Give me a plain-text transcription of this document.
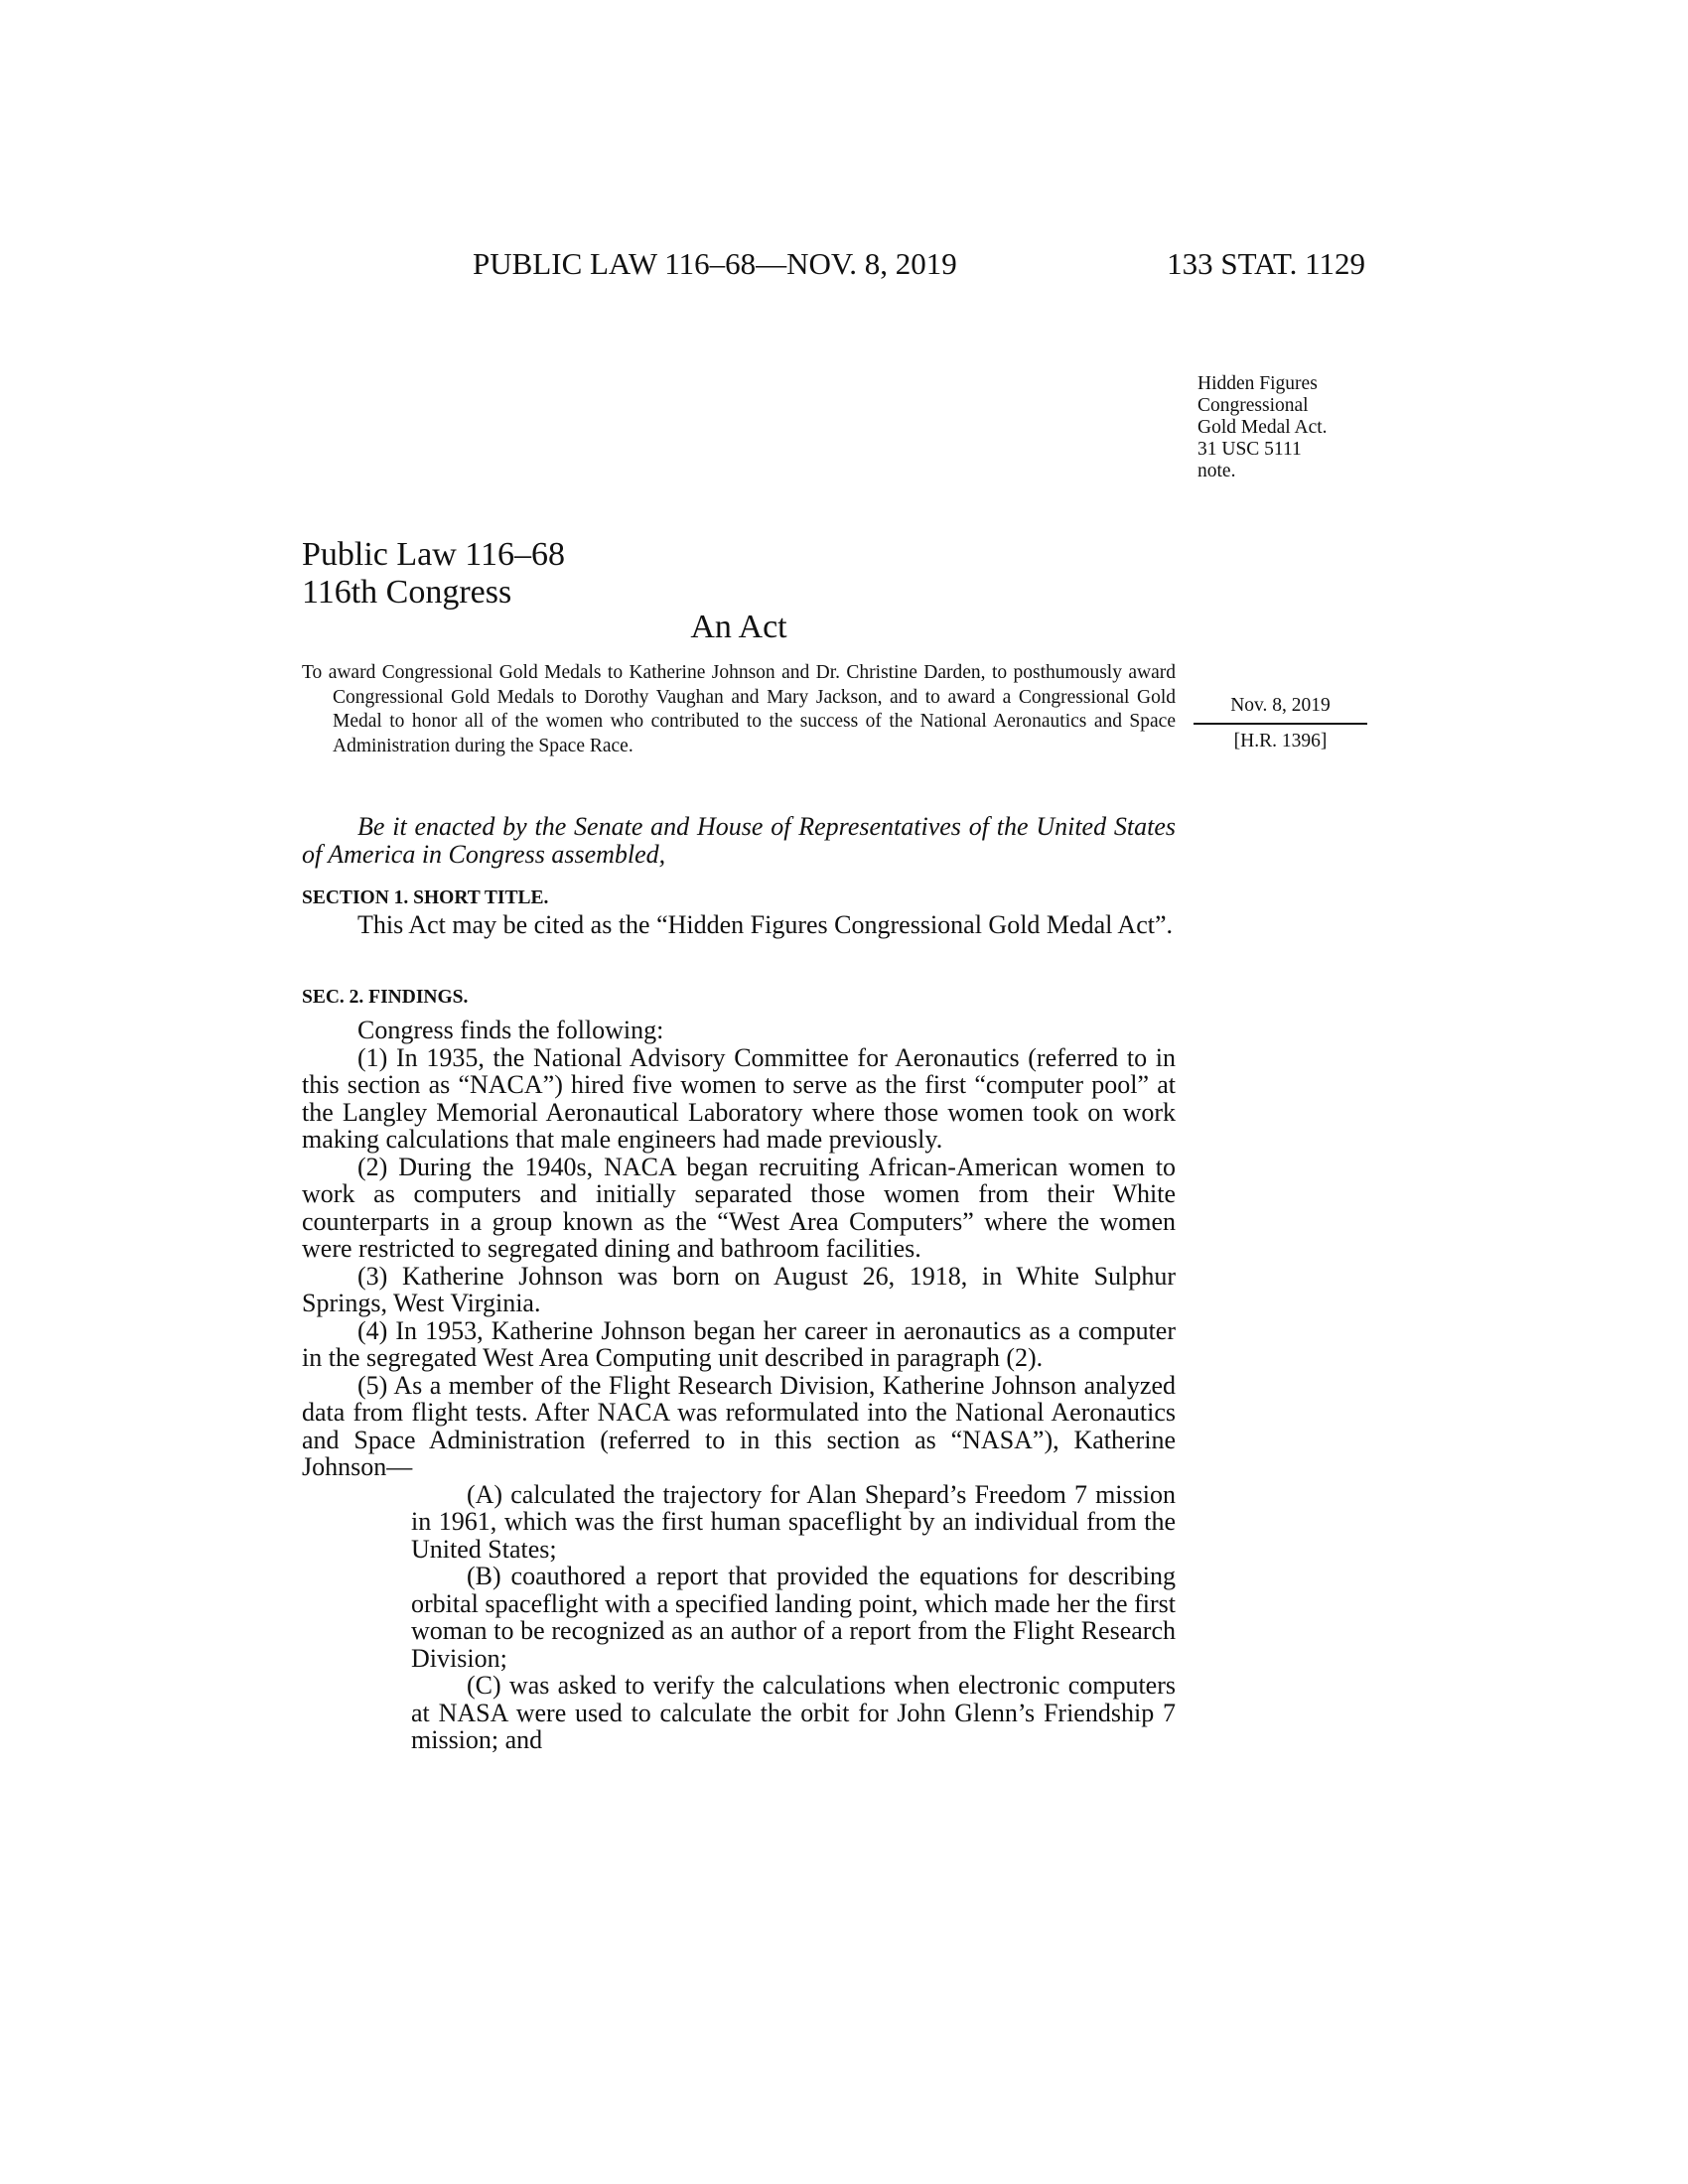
PUBLIC LAW 116–68—NOV. 8, 2019	133 STAT. 1129
Public Law 116–68
116th Congress
An Act
To award Congressional Gold Medals to Katherine Johnson and Dr. Christine Darden, to posthumously award Congressional Gold Medals to Dorothy Vaughan and Mary Jackson, and to award a Congressional Gold Medal to honor all of the women who contributed to the success of the National Aeronautics and Space Administration during the Space Race.
Nov. 8, 2019
[H.R. 1396]
Hidden Figures
Congressional
Gold Medal Act.
31 USC 5111
note.
Be it enacted by the Senate and House of Representatives of the United States of America in Congress assembled,
SECTION 1. SHORT TITLE.
This Act may be cited as the “Hidden Figures Congressional Gold Medal Act”.
SEC. 2. FINDINGS.

Congress finds the following:

(1) In 1935, the National Advisory Committee for Aeronautics (referred to in this section as “NACA”) hired five women to serve as the first “computer pool” at the Langley Memorial Aeronautical Laboratory where those women took on work making calculations that male engineers had made previously.

(2) During the 1940s, NACA began recruiting African-American women to work as computers and initially separated those women from their White counterparts in a group known as the “West Area Computers” where the women were restricted to segregated dining and bathroom facilities.

(3) Katherine Johnson was born on August 26, 1918, in White Sulphur Springs, West Virginia.

(4) In 1953, Katherine Johnson began her career in aeronautics as a computer in the segregated West Area Computing unit described in paragraph (2).

(5) As a member of the Flight Research Division, Katherine Johnson analyzed data from flight tests. After NACA was reformulated into the National Aeronautics and Space Administration (referred to in this section as “NASA”), Katherine Johnson—

(A) calculated the trajectory for Alan Shepard’s Freedom 7 mission in 1961, which was the first human spaceflight by an individual from the United States;

(B) coauthored a report that provided the equations for describing orbital spaceflight with a specified landing point, which made her the first woman to be recognized as an author of a report from the Flight Research Division;

(C) was asked to verify the calculations when electronic computers at NASA were used to calculate the orbit for John Glenn’s Friendship 7 mission; and
